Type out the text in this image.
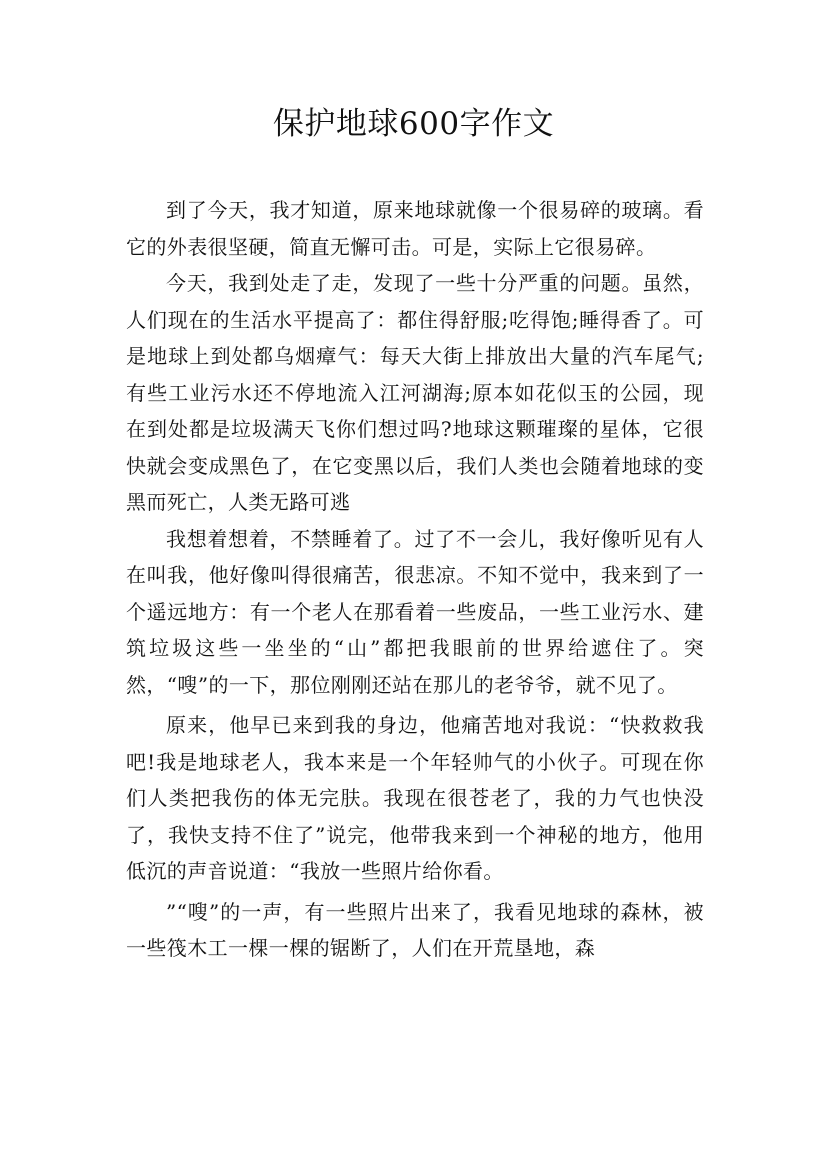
保护地球600字作文

到了今天，我才知道，原来地球就像一个很易碎的玻璃。看它的外表很坚硬，简直无懈可击。可是，实际上它很易碎。

今天，我到处走了走，发现了一些十分严重的问题。虽然，人们现在的生活水平提高了：都住得舒服;吃得饱;睡得香了。可是地球上到处都乌烟瘴气：每天大街上排放出大量的汽车尾气;有些工业污水还不停地流入江河湖海;原本如花似玉的公园，现在到处都是垃圾满天飞你们想过吗?地球这颗璀璨的星体，它很快就会变成黑色了，在它变黑以后，我们人类也会随着地球的变黑而死亡，人类无路可逃

我想着想着，不禁睡着了。过了不一会儿，我好像听见有人在叫我，他好像叫得很痛苦，很悲凉。不知不觉中，我来到了一个遥远地方：有一个老人在那看着一些废品，一些工业污水、建筑垃圾这些一坐坐的“山”都把我眼前的世界给遮住了。突然，“嗖”的一下，那位刚刚还站在那儿的老爷爷，就不见了。

原来，他早已来到我的身边，他痛苦地对我说：“快救救我吧!我是地球老人，我本来是一个年轻帅气的小伙子。可现在你们人类把我伤的体无完肤。我现在很苍老了，我的力气也快没了，我快支持不住了”说完，他带我来到一个神秘的地方，他用低沉的声音说道：“我放一些照片给你看。

”“嗖”的一声，有一些照片出来了，我看见地球的森林，被一些筏木工一棵一棵的锯断了，人们在开荒垦地，森
